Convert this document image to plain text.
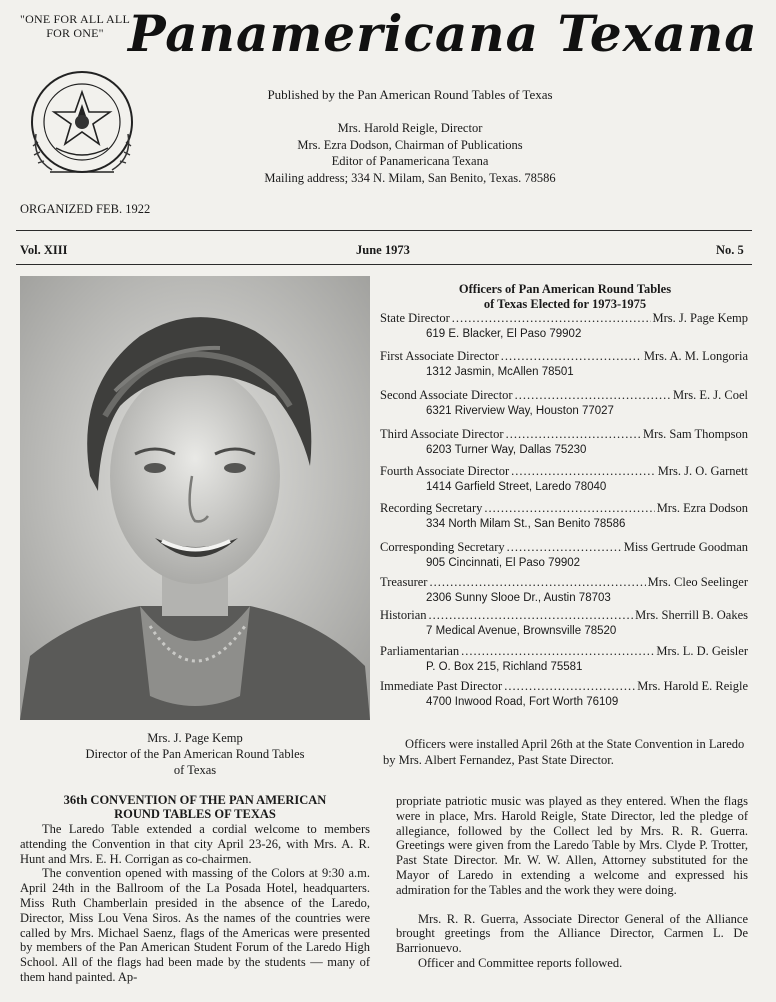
"ONE FOR ALL ALL FOR ONE" Panamericana Texana
Published by the Pan American Round Tables of Texas
Mrs. Harold Reigle, Director
Mrs. Ezra Dodson, Chairman of Publications
Editor of Panamericana Texana
Mailing address; 334 N. Milam, San Benito, Texas. 78586
ORGANIZED FEB. 1922
Vol. XIII	June 1973	No. 5
Mrs. J. Page Kemp
Director of the Pan American Round Tables
of Texas
Officers of Pan American Round Tables
of Texas Elected for 1973-1975
State Director .....	Mrs. J. Page Kemp
619 E. Blacker, El Paso 79902
First Associate Director .....	Mrs. A. M. Longoria
1312 Jasmin, McAllen 78501
Second Associate Director .....	Mrs. E. J. Coel
6321 Riverview Way, Houston 77027
Third Associate Director .....	Mrs. Sam Thompson
6203 Turner Way, Dallas 75230
Fourth Associate Director .....	Mrs. J. O. Garnett
1414 Garfield Street, Laredo 78040
Recording Secretary .....	Mrs. Ezra Dodson
334 North Milam St., San Benito 78586
Corresponding Secretary .....	Miss Gertrude Goodman
905 Cincinnati, El Paso 79902
Treasurer .....	Mrs. Cleo Seelinger
2306 Sunny Slooe Dr., Austin 78703
Historian .....	Mrs. Sherrill B. Oakes
7 Medical Avenue, Brownsville 78520
Parliamentarian .....	Mrs. L. D. Geisler
P. O. Box 215, Richland 75581
Immediate Past Director .....	Mrs. Harold E. Reigle
4700 Inwood Road, Fort Worth 76109
Officers were installed April 26th at the State Convention in Laredo by Mrs. Albert Fernandez, Past State Director.
36th CONVENTION OF THE PAN AMERICAN
ROUND TABLES OF TEXAS

The Laredo Table extended a cordial welcome to members attending the Convention in that city April 23-26, with Mrs. A. R. Hunt and Mrs. E. H. Corrigan as co-chairmen.

The convention opened with massing of the Colors at 9:30 a.m. April 24th in the Ballroom of the La Posada Hotel, headquarters. Miss Ruth Chamberlain presided in the absence of the Laredo, Director, Miss Lou Vena Siros. As the names of the countries were called by Mrs. Michael Saenz, flags of the Americas were presented by members of the Pan American Student Forum of the Laredo High School. All of the flags had been made by the students — many of them hand painted. Ap-

propriate patriotic music was played as they entered. When the flags were in place, Mrs. Harold Reigle, State Director, led the pledge of allegiance, followed by the Collect led by Mrs. R. R. Guerra. Greetings were given from the Laredo Table by Mrs. Clyde P. Trotter, Past State Director. Mr. W. W. Allen, Attorney substituted for the Mayor of Laredo in extending a welcome and expressed his admiration for the Tables and the work they were doing.

Mrs. R. R. Guerra, Associate Director General of the Alliance brought greetings from the Alliance Director, Carmen L. De Barrionuevo.

Officer and Committee reports followed.
